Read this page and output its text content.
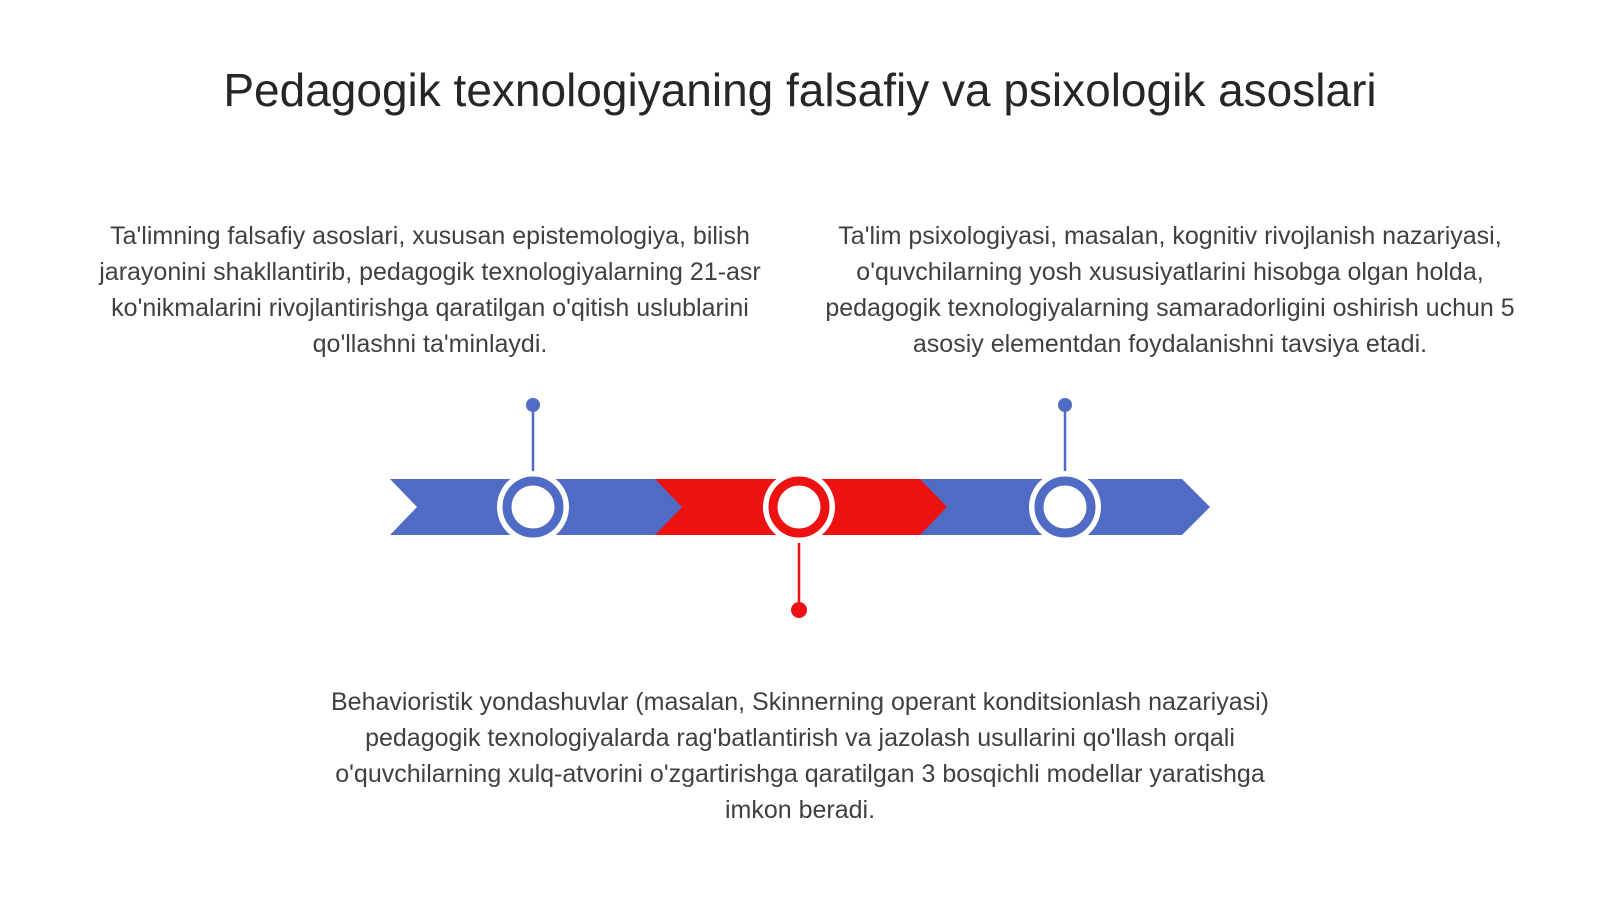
Pedagogik texnologiyaning falsafiy va psixologik asoslari
Ta'limning falsafiy asoslari, xususan epistemologiya, bilish jarayonini shakllantirib, pedagogik texnologiyalarning 21-asr ko'nikmalarini rivojlantirishga qaratilgan o'qitish uslublarini qo'llashni ta'minlaydi.
Ta'lim psixologiyasi, masalan, kognitiv rivojlanish nazariyasi, o'quvchilarning yosh xususiyatlarini hisobga olgan holda, pedagogik texnologiyalarning samaradorligini oshirish uchun 5 asosiy elementdan foydalanishni tavsiya etadi.
Behavioristik yondashuvlar (masalan, Skinnerning operant konditsionlash nazariyasi) pedagogik texnologiyalarda rag'batlantirish va jazolash usullarini qo'llash orqali o'quvchilarning xulq-atvorini o'zgartirishga qaratilgan 3 bosqichli modellar yaratishga imkon beradi.
